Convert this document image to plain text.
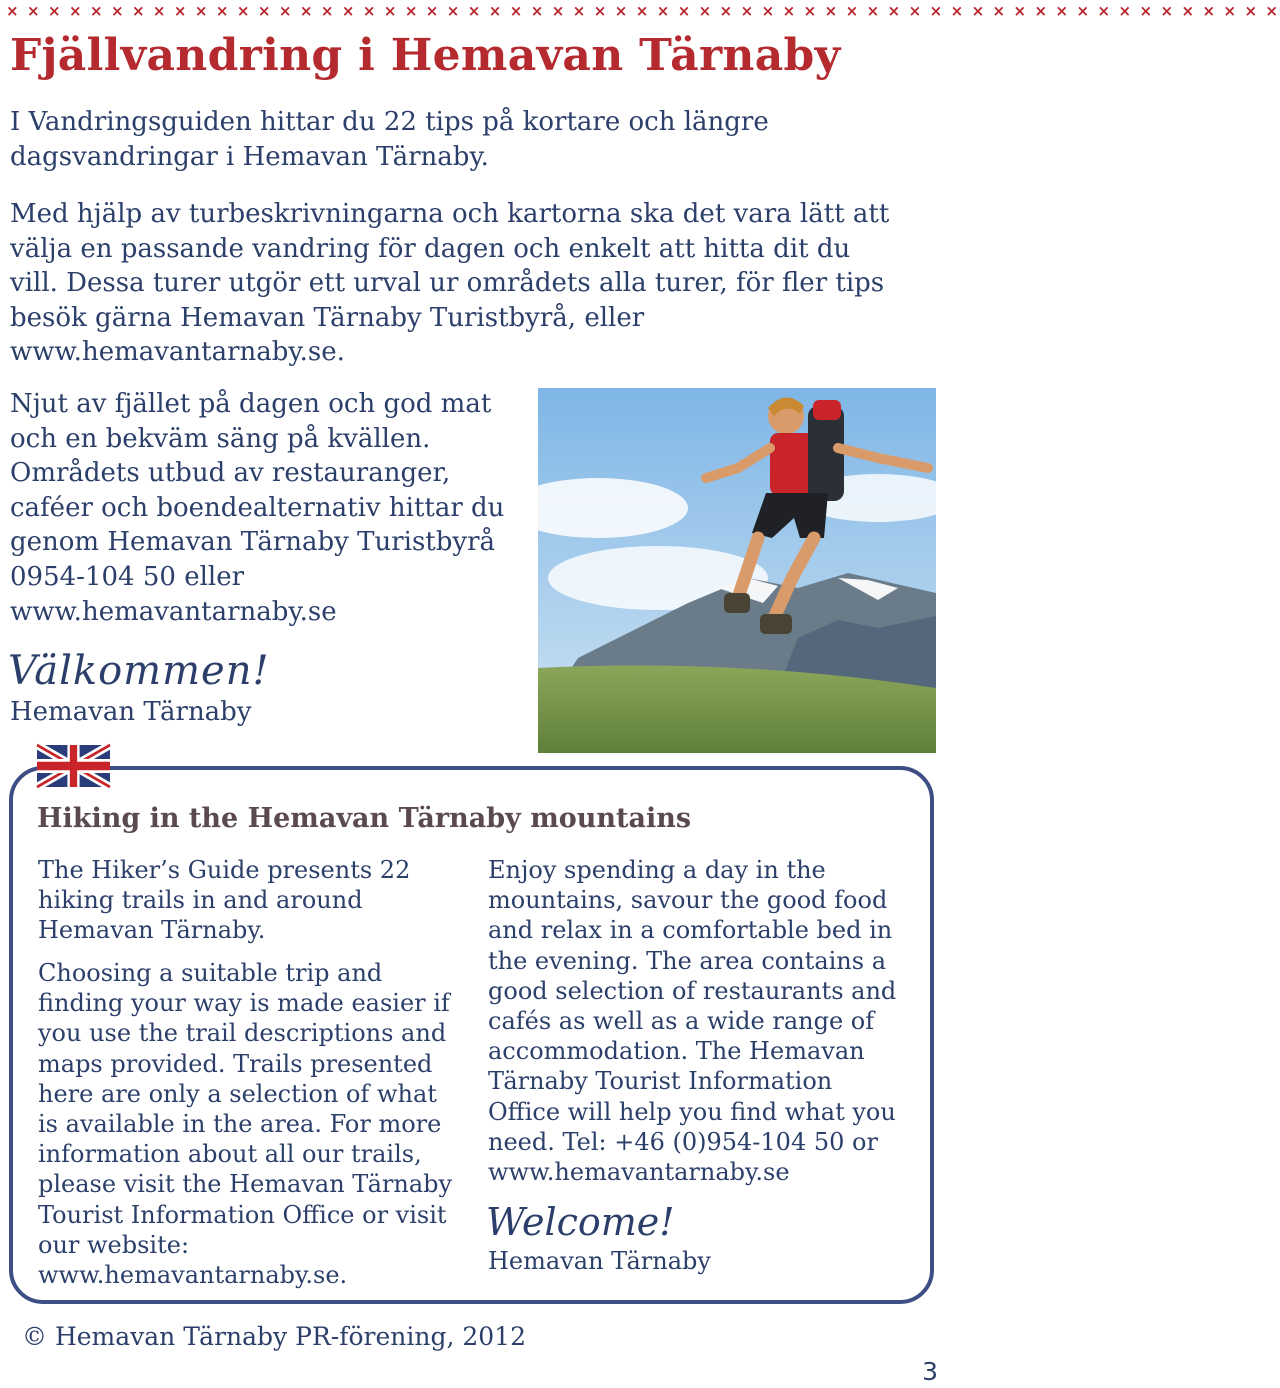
× × × × × × × × × × × × × × × × × × × × × × × × × × × × × × × × × × × × × × × × × × × × × × × × × × × × × × × × × × × × ×
Fjällvandring i Hemavan Tärnaby

I Vandringsguiden hittar du 22 tips på kortare och längre dagsvandringar i Hemavan Tärnaby.

Med hjälp av turbeskrivningarna och kartorna ska det vara lätt att välja en passande vandring för dagen och enkelt att hitta dit du vill. Dessa turer utgör ett urval ur områdets alla turer, för fler tips besök gärna Hemavan Tärnaby Turistbyrå, eller www.hemavantarnaby.se.

Njut av fjället på dagen och god mat och en bekväm säng på kvällen. Områdets utbud av restauranger, caféer och boendealternativ hittar du genom Hemavan Tärnaby Turistbyrå 0954-104 50 eller www.hemavantarnaby.se

Välkommen!
Hemavan Tärnaby
Hiking in the Hemavan Tärnaby mountains

The Hiker’s Guide presents 22 hiking trails in and around Hemavan Tärnaby.

Choosing a suitable trip and finding your way is made easier if you use the trail descriptions and maps provided. Trails presented here are only a selection of what is available in the area. For more information about all our trails, please visit the Hemavan Tärnaby Tourist Information Office or visit our website: www.hemavantarnaby.se.

Enjoy spending a day in the mountains, savour the good food and relax in a comfortable bed in the evening. The area contains a good selection of restaurants and cafés as well as a wide range of accommodation. The Hemavan Tärnaby Tourist Information Office will help you find what you need. Tel: +46 (0)954-104 50 or www.hemavantarnaby.se

Welcome!
Hemavan Tärnaby
© Hemavan Tärnaby PR-förening, 2012
3
